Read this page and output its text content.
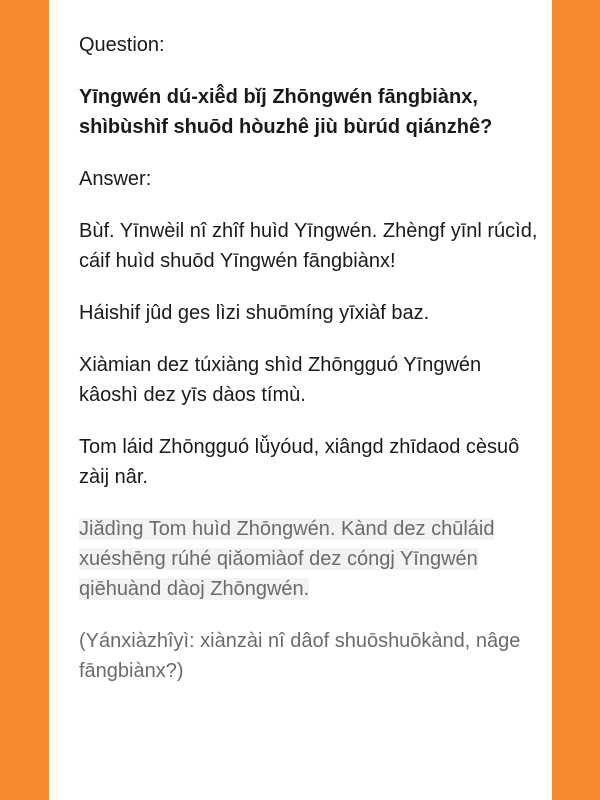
Question:
Yīngwén dú-xiê̂d bǐj Zhōngwén fāngbiànx, shìbùshìf shuōd hòuzhê jiù bùrúd qiánzhê?
Answer:
Bùf. Yīnwèil nî zhîf huìd Yīngwén. Zhèngf yīnl rúcìd, cáif huìd shuōd Yīngwén fāngbiànx!
Háishif jûd ges lìzi shuōmíng yīxiàf baz.
Xiàmian dez túxiàng shìd Zhōngguó Yīngwén kâoshì dez yīs dàos tímù.
Tom láid Zhōngguó lǚyóud, xiângd zhīdaod cèsuô zàij nâr.
Jiǎdìng Tom huìd Zhōngwén. Kànd dez chūláid xuéshēng rúhé qiǎomiàof dez cóngj Yīngwén qiēhuànd dàoj Zhōngwén.
(Yánxiàzhîyì: xiànzài nî dâof shuōshuōkànd, nâge fāngbiànx?)
